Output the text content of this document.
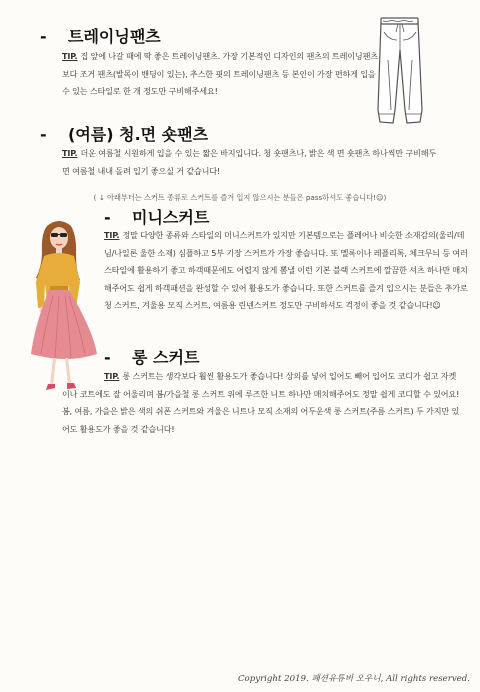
- 트레이닝팬츠
TIP. 집 앞에 나갈 때에 딱 좋은 트레이닝팬츠. 가장 기본적인 디자인의 팬츠의 트레이닝팬츠보다 조거 팬츠(발목이 밴딩이 있는), 추스한 핏의 트레이닝팬츠 등 본인이 가장 편하게 입을 수 있는 스타일로 한 개 정도만 구비해주세요!
- (여름) 청.면 숏팬츠
TIP. 더운 여름철 시원하게 입을 수 있는 짧은 바지입니다. 청 숏팬츠나, 밝은 색 면 숏팬츠 하나씩만 구비해두면 여름철 내내 돌려 입기 좋으실 거 같습니다!
( ↓ 아래부터는 스커트 종류로 스커트를 즐겨 입지 않으시는 분들은 pass하셔도 좋습니다!☺)
- 미니스커트
TIP. 정말 다양한 종류와 스타일의 미니스커트가 있지만 기본템으로는 플레어나 비슷한 소재감의(울리/데님/나일론 울한 소재) 심플하고 5부 기장 스커트가 가장 좋습니다. 또 멜록이나 레플리톡, 체크무늬 등 여러 스타일에 활용하기 좋고 하객때문에도 어렵지 않게 뽐낼 이런 기본 블랙 스커트에 깔끔한 셔츠 하나만 매치해주어도 쉽게 하객패션을 완성할 수 있어 활용도가 좋습니다. 또한 스커트를 즐겨 입으시는 분들은 추가로 청 스커트, 겨울용 모직 스커트, 여름용 린넨스커트 정도만 구비하셔도 걱정이 좋을 것 같습니다!☺
- 롱 스커트
TIP. 롱 스커트는 생각보다 훨씬 활용도가 좋습니다! 상의를 넣어 입어도 빼어 입어도 코디가 쉽고 자켓이나 코트에도 잘 어울리며 봄/가을철 롱 스커트 위에 루즈한 니트 하나만 매치해주어도 정말 쉽게 코디할 수 있어요! 봄, 여름, 가을은 밝은 색의 쉬폰 스커트와 겨울은 니트나 모직 소재의 어두운색 롱 스커트(주름 스커트) 두 가지만 있어도 활용도가 좋을 것 같습니다!
Copyright 2019. 패션유튜버 오우니, All rights reserved.
